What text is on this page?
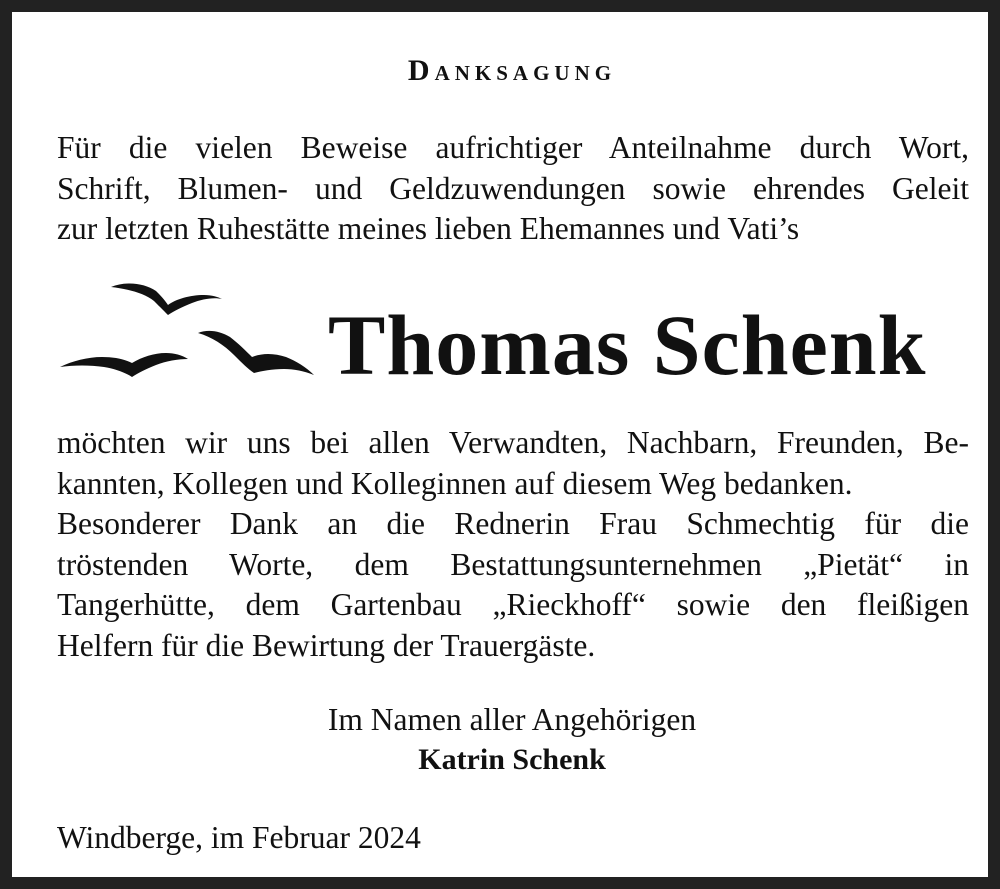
Danksagung
Für die vielen Beweise aufrichtiger Anteilnahme durch Wort,
Schrift, Blumen- und Geldzuwendungen sowie ehrendes Geleit
zur letzten Ruhestätte meines lieben Ehemannes und Vati’s
Thomas Schenk
möchten wir uns bei allen Verwandten, Nachbarn, Freunden, Be-
kannten, Kollegen und Kolleginnen auf diesem Weg bedanken.
Besonderer Dank an die Rednerin Frau Schmechtig für die
tröstenden Worte, dem Bestattungsunternehmen „Pietät“ in
Tangerhütte, dem Gartenbau „Rieckhoff“ sowie den fleißigen
Helfern für die Bewirtung der Trauergäste.
Im Namen aller Angehörigen
Katrin Schenk
Windberge, im Februar 2024
